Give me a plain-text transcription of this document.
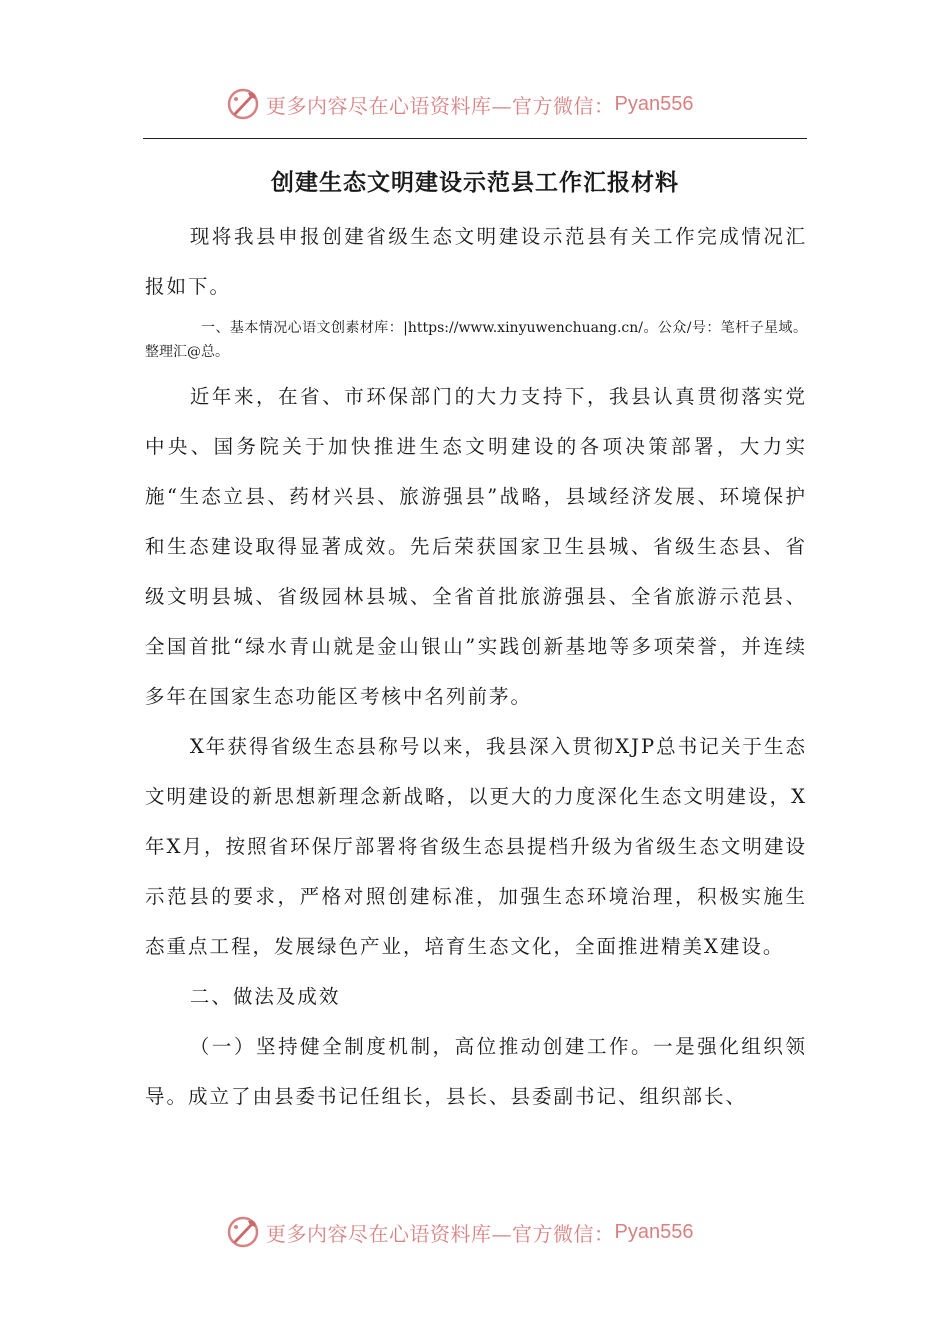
更多内容尽在心语资料库—官方微信： Pyan556
创建生态文明建设示范县工作汇报材料

现将我县申报创建省级生态文明建设示范县有关工作完成情况汇报如下。

一、基本情况心语文创素材库：|https://www.xinyuwenchuang.cn/。公众/号：笔杆子星域。整理汇@总。

近年来，在省、市环保部门的大力支持下，我县认真贯彻落实党中央、国务院关于加快推进生态文明建设的各项决策部署，大力实施“生态立县、药材兴县、旅游强县”战略，县域经济发展、环境保护和生态建设取得显著成效。先后荣获国家卫生县城、省级生态县、省级文明县城、省级园林县城、全省首批旅游强县、全省旅游示范县、全国首批“绿水青山就是金山银山”实践创新基地等多项荣誉，并连续多年在国家生态功能区考核中名列前茅。

X年获得省级生态县称号以来，我县深入贯彻XJP总书记关于生态文明建设的新思想新理念新战略，以更大的力度深化生态文明建设，X年X月，按照省环保厅部署将省级生态县提档升级为省级生态文明建设示范县的要求，严格对照创建标准，加强生态环境治理，积极实施生态重点工程，发展绿色产业，培育生态文化，全面推进精美X建设。

二、做法及成效

（一）坚持健全制度机制，高位推动创建工作。一是强化组织领导。成立了由县委书记任组长，县长、县委副书记、组织部长、

更多内容尽在心语资料库—官方微信： Pyan556
